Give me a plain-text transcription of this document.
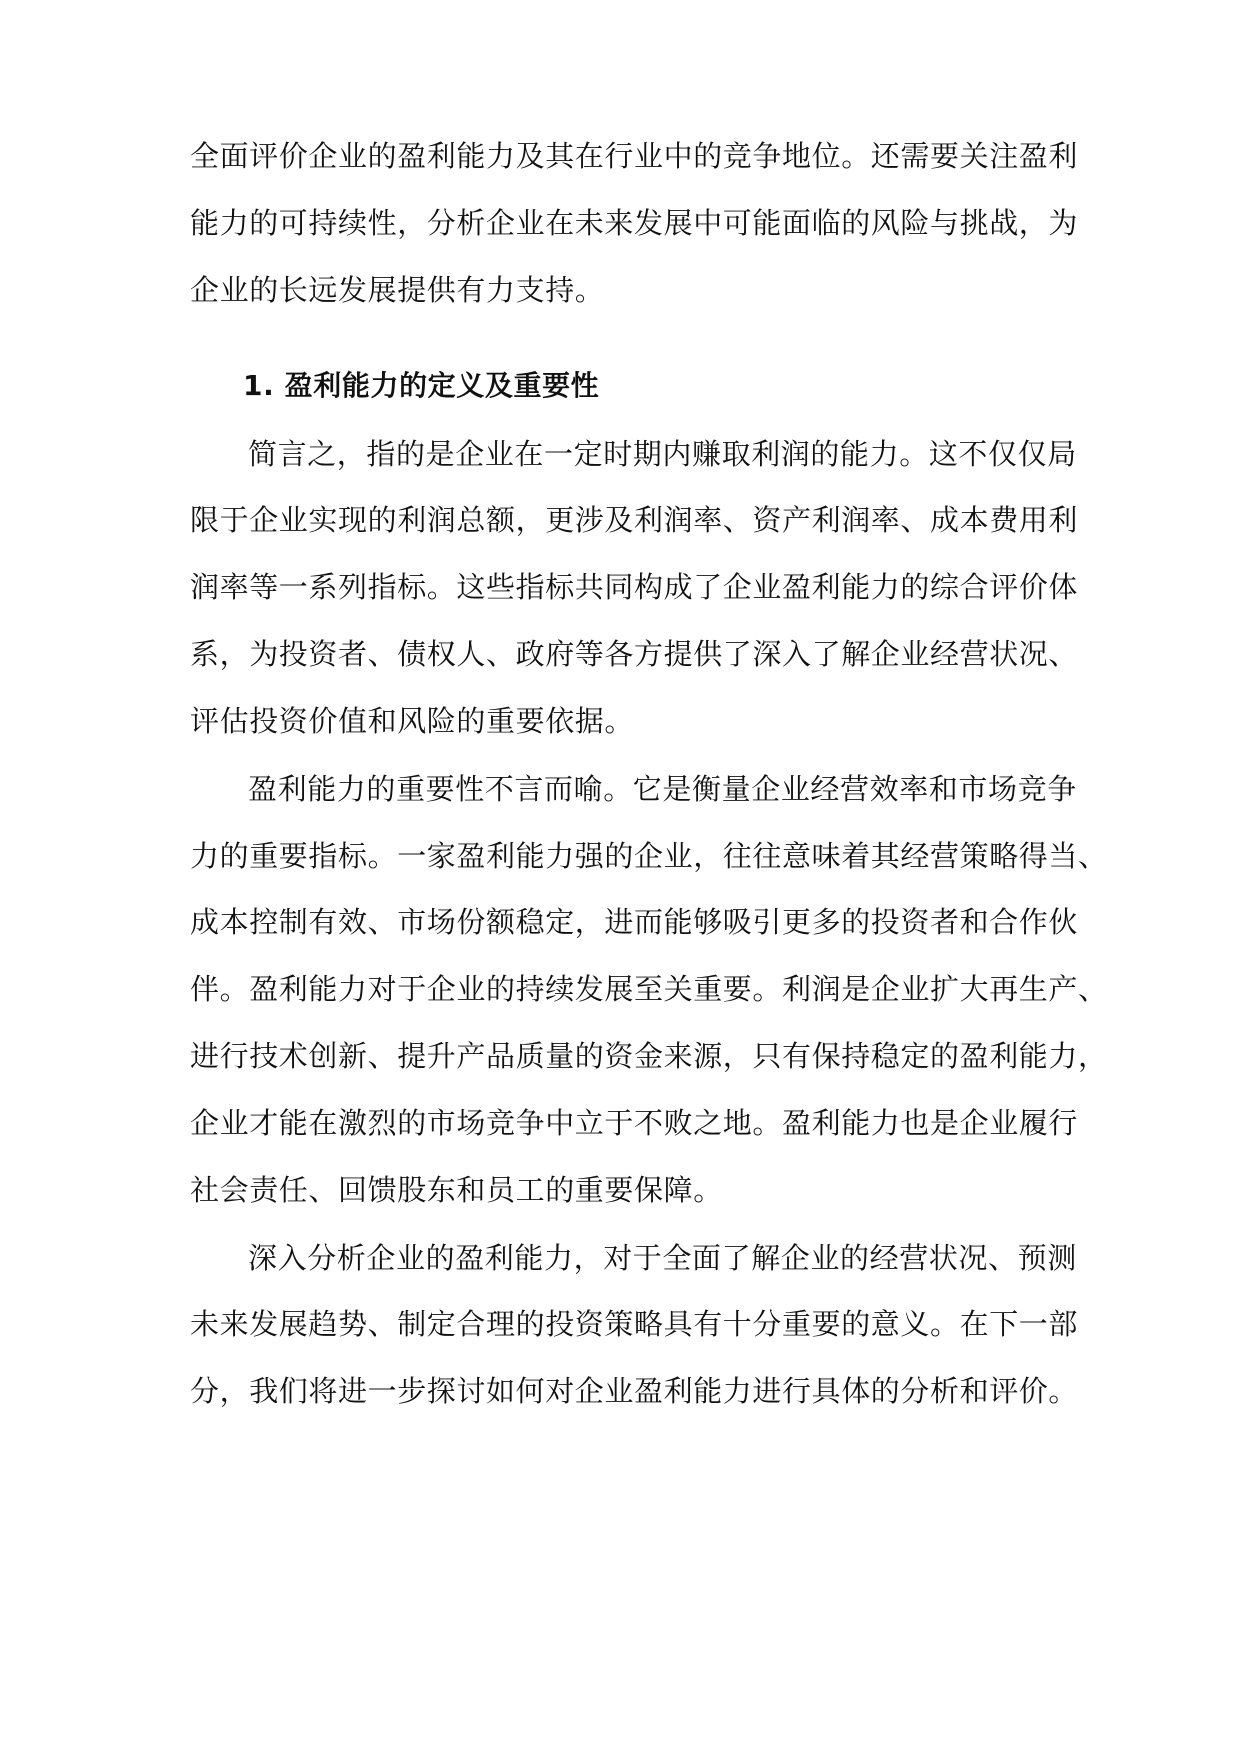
全面评价企业的盈利能力及其在行业中的竞争地位。还需要关注盈利
能力的可持续性，分析企业在未来发展中可能面临的风险与挑战，为
企业的长远发展提供有力支持。
1. 盈利能力的定义及重要性
简言之，指的是企业在一定时期内赚取利润的能力。这不仅仅局
限于企业实现的利润总额，更涉及利润率、资产利润率、成本费用利
润率等一系列指标。这些指标共同构成了企业盈利能力的综合评价体
系，为投资者、债权人、政府等各方提供了深入了解企业经营状况、
评估投资价值和风险的重要依据。
盈利能力的重要性不言而喻。它是衡量企业经营效率和市场竞争
力的重要指标。一家盈利能力强的企业，往往意味着其经营策略得当、
成本控制有效、市场份额稳定，进而能够吸引更多的投资者和合作伙
伴。盈利能力对于企业的持续发展至关重要。利润是企业扩大再生产、
进行技术创新、提升产品质量的资金来源，只有保持稳定的盈利能力，
企业才能在激烈的市场竞争中立于不败之地。盈利能力也是企业履行
社会责任、回馈股东和员工的重要保障。
深入分析企业的盈利能力，对于全面了解企业的经营状况、预测
未来发展趋势、制定合理的投资策略具有十分重要的意义。在下一部
分，我们将进一步探讨如何对企业盈利能力进行具体的分析和评价。
